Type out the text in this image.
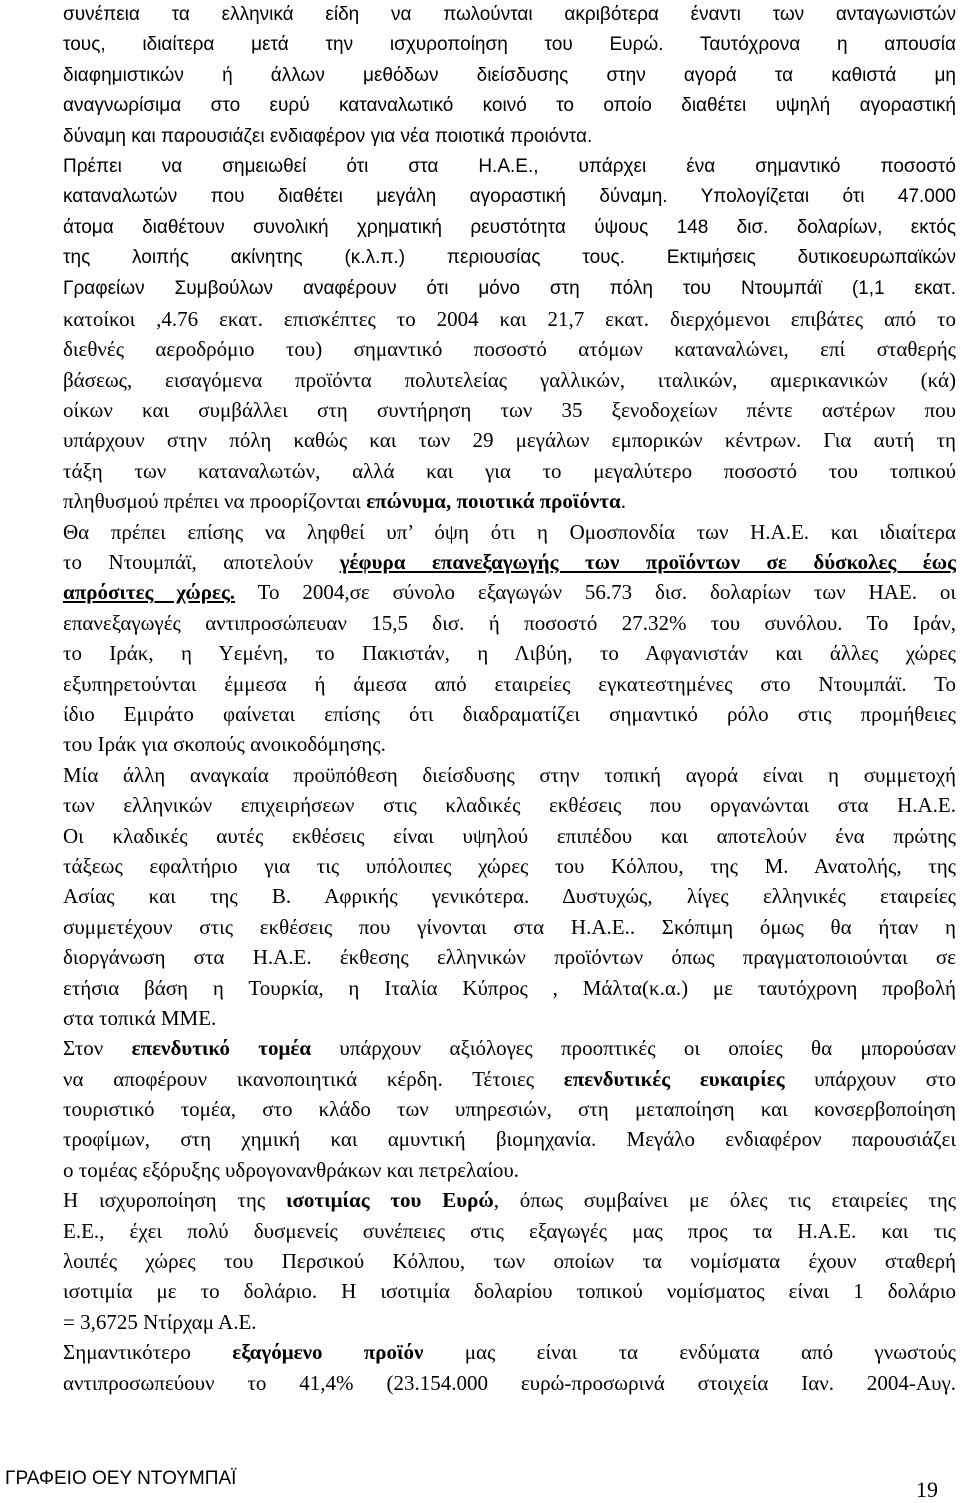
συνέπεια τα ελληνικά είδη να πωλούνται ακριβότερα έναντι των ανταγωνιστών
τους, ιδιαίτερα μετά την ισχυροποίηση του Ευρώ. Ταυτόχρονα η απουσία
διαφημιστικών ή άλλων μεθόδων διείσδυσης στην αγορά τα καθιστά μη
αναγνωρίσιμα στο ευρύ καταναλωτικό κοινό το οποίο διαθέτει υψηλή αγοραστική
δύναμη και παρουσιάζει ενδιαφέρον για νέα ποιοτικά προιόντα.
Πρέπει να σημειωθεί ότι στα Η.Α.Ε., υπάρχει ένα σημαντικό ποσοστό
καταναλωτών που διαθέτει μεγάλη αγοραστική δύναμη. Υπολογίζεται ότι 47.000
άτομα διαθέτουν συνολική χρηματική ρευστότητα ύψους 148 δισ. δολαρίων, εκτός
της λοιπής ακίνητης (κ.λ.π.) περιουσίας τους. Εκτιμήσεις δυτικοευρωπαϊκών
Γραφείων Συμβούλων αναφέρουν ότι μόνο στη πόλη του Ντουμπάϊ (1,1 εκατ.
κατοίκοι ,4.76 εκατ. επισκέπτες το 2004 και 21,7 εκατ. διερχόμενοι επιβάτες από το
διεθνές αεροδρόμιο του) σημαντικό ποσοστό ατόμων καταναλώνει, επί σταθερής
βάσεως, εισαγόμενα προϊόντα πολυτελείας γαλλικών, ιταλικών, αμερικανικών (κά)
οίκων και συμβάλλει στη συντήρηση των 35 ξενοδοχείων πέντε αστέρων που
υπάρχουν στην πόλη καθώς και των 29 μεγάλων εμπορικών κέντρων. Για αυτή τη
τάξη των καταναλωτών, αλλά και για το μεγαλύτερο ποσοστό του τοπικού
πληθυσμού πρέπει να προορίζονται επώνυμα, ποιοτικά προϊόντα.
Θα πρέπει επίσης να ληφθεί υπ’ όψη ότι η Ομοσπονδία των Η.Α.Ε. και ιδιαίτερα
το Ντουμπάϊ, αποτελούν γέφυρα επανεξαγωγής των προϊόντων σε δύσκολες έως
απρόσιτες χώρες. Το 2004,σε σύνολο εξαγωγών 56.73 δισ. δολαρίων των ΗΑΕ. οι
επανεξαγωγές αντιπροσώπευαν 15,5 δισ. ή ποσοστό 27.32% του συνόλου. Το Ιράν,
το Ιράκ, η Υεμένη, το Πακιστάν, η Λιβύη, το Αφγανιστάν και άλλες χώρες
εξυπηρετούνται έμμεσα ή άμεσα από εταιρείες εγκατεστημένες στο Ντουμπάϊ. Το
ίδιο Εμιράτο φαίνεται επίσης ότι διαδραματίζει σημαντικό ρόλο στις προμήθειες
του Ιράκ για σκοπούς ανοικοδόμησης.
Μία άλλη αναγκαία προϋπόθεση διείσδυσης στην τοπική αγορά είναι η συμμετοχή
των ελληνικών επιχειρήσεων στις κλαδικές εκθέσεις που οργανώνται στα Η.Α.Ε.
Οι κλαδικές αυτές εκθέσεις είναι υψηλού επιπέδου και αποτελούν ένα πρώτης
τάξεως εφαλτήριο για τις υπόλοιπες χώρες του Κόλπου, της Μ. Ανατολής, της
Ασίας και της Β. Αφρικής γενικότερα. Δυστυχώς, λίγες ελληνικές εταιρείες
συμμετέχουν στις εκθέσεις που γίνονται στα Η.Α.Ε.. Σκόπιμη όμως θα ήταν η
διοργάνωση στα Η.Α.Ε. έκθεσης ελληνικών προϊόντων όπως πραγματοποιούνται σε
ετήσια βάση η Τουρκία, η Ιταλία Κύπρος , Μάλτα(κ.α.) με ταυτόχρονη προβολή
στα τοπικά ΜΜΕ.
Στον επενδυτικό τομέα υπάρχουν αξιόλογες προοπτικές οι οποίες θα μπορούσαν
να αποφέρουν ικανοποιητικά κέρδη. Τέτοιες επενδυτικές ευκαιρίες υπάρχουν στο
τουριστικό τομέα, στο κλάδο των υπηρεσιών, στη μεταποίηση και κονσερβοποίηση
τροφίμων, στη χημική και αμυντική βιομηχανία. Μεγάλο ενδιαφέρον παρουσιάζει
ο τομέας εξόρυξης υδρογονανθράκων και πετρελαίου.
Η ισχυροποίηση της ισοτιμίας του Ευρώ, όπως συμβαίνει με όλες τις εταιρείες της
Ε.Ε., έχει πολύ δυσμενείς συνέπειες στις εξαγωγές μας προς τα Η.Α.Ε. και τις
λοιπές χώρες του Περσικού Κόλπου, των οποίων τα νομίσματα έχουν σταθερή
ισοτιμία με το δολάριο. Η ισοτιμία δολαρίου τοπικού νομίσματος είναι 1 δολάριο
= 3,6725 Ντίρχαμ Α.Ε.
Σημαντικότερο εξαγόμενο προϊόν μας είναι τα ενδύματα από γνωστούς
αντιπροσωπεύουν το 41,4% (23.154.000 ευρώ-προσωρινά στοιχεία Ιαν. 2004-Αυγ.
ΓΡΑΦΕΙΟ ΟΕΥ ΝΤΟΥΜΠΑΪ	19
